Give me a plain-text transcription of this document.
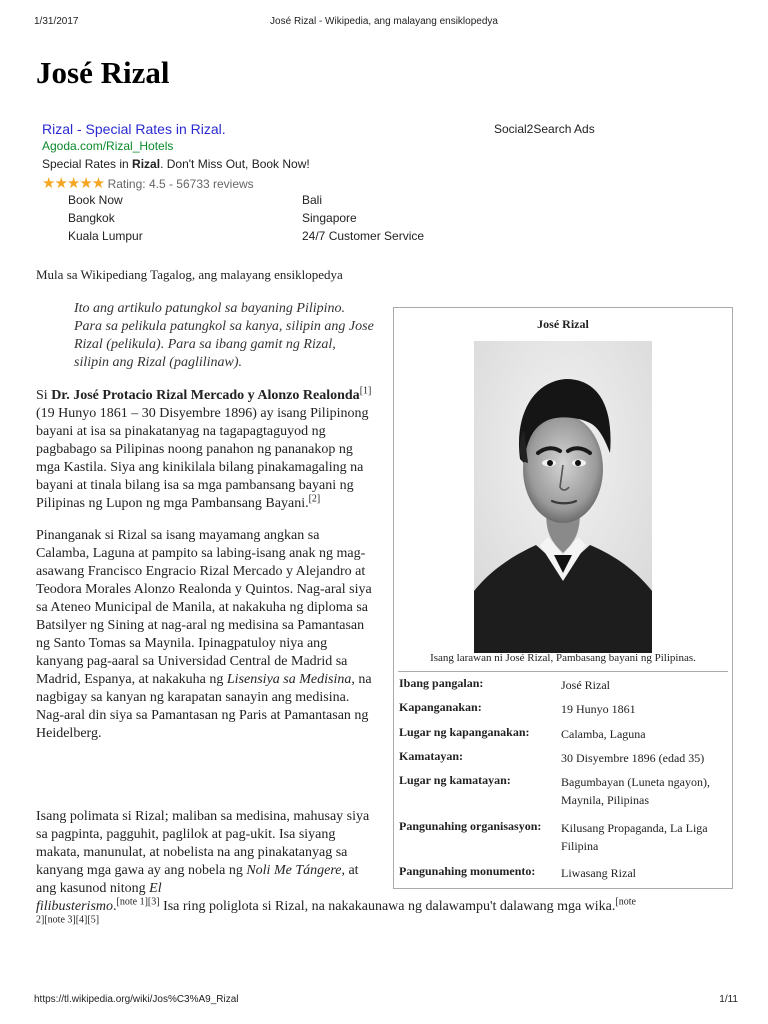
1/31/2017	José Rizal - Wikipedia, ang malayang ensiklopedya
José Rizal
Rizal - Special Rates in Rizal.
Agoda.com/Rizal_Hotels
Social2Search Ads
Special Rates in Rizal. Don't Miss Out, Book Now!
★★★★★ Rating: 4.5 - 56733 reviews
Book Now	Bali
Bangkok	Singapore
Kuala Lumpur	24/7 Customer Service
Mula sa Wikipediang Tagalog, ang malayang ensiklopedya
Ito ang artikulo patungkol sa bayaning Pilipino. Para sa pelikula patungkol sa kanya, silipin ang Jose Rizal (pelikula). Para sa ibang gamit ng Rizal, silipin ang Rizal (paglilinaw).

Si Dr. José Protacio Rizal Mercado y Alonzo Realonda[1] (19 Hunyo 1861 – 30 Disyembre 1896) ay isang Pilipinong bayani at isa sa pinakatanyag na tagapagtaguyod ng pagbabago sa Pilipinas noong panahon ng pananakop ng mga Kastila. Siya ang kinikilala bilang pinakamagaling na bayani at tinala bilang isa sa mga pambansang bayani ng Pilipinas ng Lupon ng mga Pambansang Bayani.[2]

Pinanganak si Rizal sa isang mayamang angkan sa Calamba, Laguna at pampito sa labing-isang anak ng mag-asawang Francisco Engracio Rizal Mercado y Alejandro at Teodora Morales Alonzo Realonda y Quintos. Nag-aral siya sa Ateneo Municipal de Manila, at nakakuha ng diploma sa Batsilyer ng Sining at nag-aral ng medisina sa Pamantasan ng Santo Tomas sa Maynila. Ipinagpatuloy niya ang kanyang pag-aaral sa Universidad Central de Madrid sa Madrid, Espanya, at nakakuha ng Lisensiya sa Medisina, na nagbigay sa kanyan ng karapatan sanayin ang medisina. Nag-aral din siya sa Pamantasan ng Paris at Pamantasan ng Heidelberg.

Isang polimata si Rizal; maliban sa medisina, mahusay siya sa pagpinta, pagguhit, paglilok at pag-ukit. Isa siyang makata, manunulat, at nobelista na ang pinakatanyag sa kanyang mga gawa ay ang nobela ng Noli Me Tángere, at ang kasunod nitong El
filibusterismo.[note 1][3] Isa ring poliglota si Rizal, na nakakaunawa ng dalawampu't dalawang mga wika.[note 2][note 3][4][5]
José Rizal
Isang larawan ni José Rizal, Pambasang bayani ng Pilipinas.
Ibang pangalan:	José Rizal
Kapanganakan:	19 Hunyo 1861
Lugar ng kapanganakan:	Calamba, Laguna
Kamatayan:	30 Disyembre 1896 (edad 35)
Lugar ng kamatayan:	Bagumbayan (Luneta ngayon), Maynila, Pilipinas
Pangunahing organisasyon:	Kilusang Propaganda, La Liga Filipina
Pangunahing monumento:	Liwasang Rizal
https://tl.wikipedia.org/wiki/Jos%C3%A9_Rizal	1/11
